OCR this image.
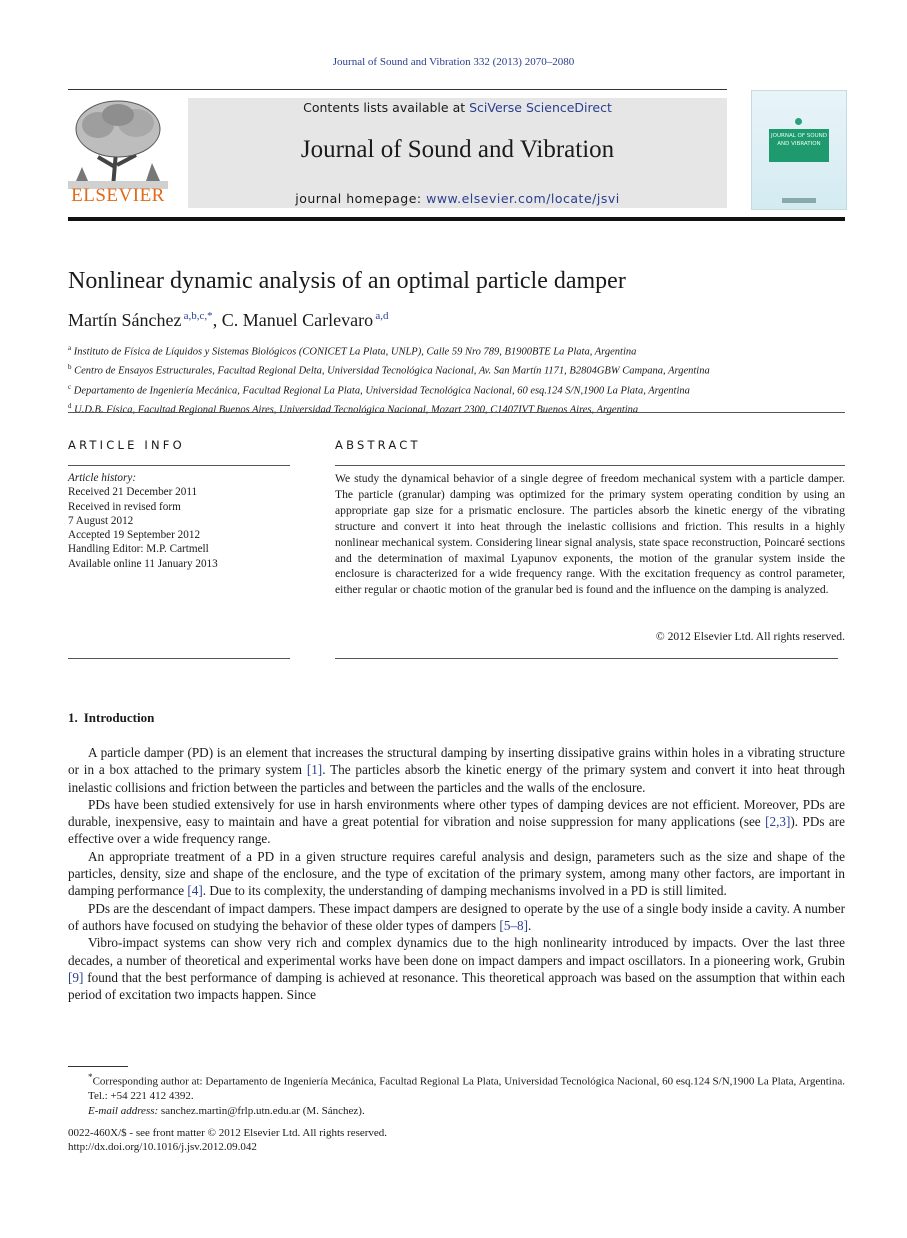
Journal of Sound and Vibration 332 (2013) 2070–2080
ELSEVIER
Contents lists available at SciVerse ScienceDirect
Journal of Sound and Vibration
journal homepage: www.elsevier.com/locate/jsvi
JOURNAL OF SOUND AND VIBRATION
Nonlinear dynamic analysis of an optimal particle damper
Martín Sánchez  $^{a,b,c,*}$, C. Manuel Carlevaro  $^{a,d}$
$^a$ Instituto de Física de Líquidos y Sistemas Biológicos (CONICET La Plata, UNLP), Calle 59 Nro 789, B1900BTE La Plata, Argentina
$^b$ Centro de Ensayos Estructurales, Facultad Regional Delta, Universidad Tecnológica Nacional, Av. San Martín 1171, B2804GBW Campana, Argentina
$^c$ Departamento de Ingeniería Mecánica, Facultad Regional La Plata, Universidad Tecnológica Nacional, 60 esq.124 S/N,1900 La Plata, Argentina
$^d$ U.D.B. Física, Facultad Regional Buenos Aires, Universidad Tecnológica Nacional, Mozart 2300, C1407IVT Buenos Aires, Argentina
ARTICLE INFO	ABSTRACT
Article history:
Received 21 December 2011
Received in revised form
7 August 2012
Accepted 19 September 2012
Handling Editor: M.P. Cartmell
Available online 11 January 2013
We study the dynamical behavior of a single degree of freedom mechanical system with a particle damper. The particle (granular) damping was optimized for the primary system operating condition by using an appropriate gap size for a prismatic enclosure. The particles absorb the kinetic energy of the vibrating structure and convert it into heat through the inelastic collisions and friction. This results in a highly nonlinear mechanical system. Considering linear signal analysis, state space reconstruction, Poincaré sections and the determination of maximal Lyapunov exponents, the motion of the granular system inside the enclosure is characterized for a wide frequency range. With the excitation frequency as control parameter, either regular or chaotic motion of the granular bed is found and the influence on the damping is analyzed.
© 2012 Elsevier Ltd. All rights reserved.
1. Introduction

A particle damper (PD) is an element that increases the structural damping by inserting dissipative grains within holes in a vibrating structure or in a box attached to the primary system [1]. The particles absorb the kinetic energy of the primary system and convert it into heat through inelastic collisions and friction between the particles and between the particles and the walls of the enclosure.

PDs have been studied extensively for use in harsh environments where other types of damping devices are not efficient. Moreover, PDs are durable, inexpensive, easy to maintain and have a great potential for vibration and noise suppression for many applications (see [2,3]). PDs are effective over a wide frequency range.

An appropriate treatment of a PD in a given structure requires careful analysis and design, parameters such as the size and shape of the particles, density, size and shape of the enclosure, and the type of excitation of the primary system, among many other factors, are important in damping performance [4]. Due to its complexity, the understanding of damping mechanisms involved in a PD is still limited.

PDs are the descendant of impact dampers. These impact dampers are designed to operate by the use of a single body inside a cavity. A number of authors have focused on studying the behavior of these older types of dampers [5–8].

Vibro-impact systems can show very rich and complex dynamics due to the high nonlinearity introduced by impacts. Over the last three decades, a number of theoretical and experimental works have been done on impact dampers and impact oscillators. In a pioneering work, Grubin [9] found that the best performance of damping is achieved at resonance. This theoretical approach was based on the assumption that within each period of excitation two impacts happen. Since

*Corresponding author at: Departamento de Ingeniería Mecánica, Facultad Regional La Plata, Universidad Tecnológica Nacional, 60 esq.124 S/N,1900 La Plata, Argentina. Tel.: +54 221 412 4392.
E-mail address: sanchez.martin@frlp.utn.edu.ar (M. Sánchez).
0022-460X/$ - see front matter © 2012 Elsevier Ltd. All rights reserved.
http://dx.doi.org/10.1016/j.jsv.2012.09.042
